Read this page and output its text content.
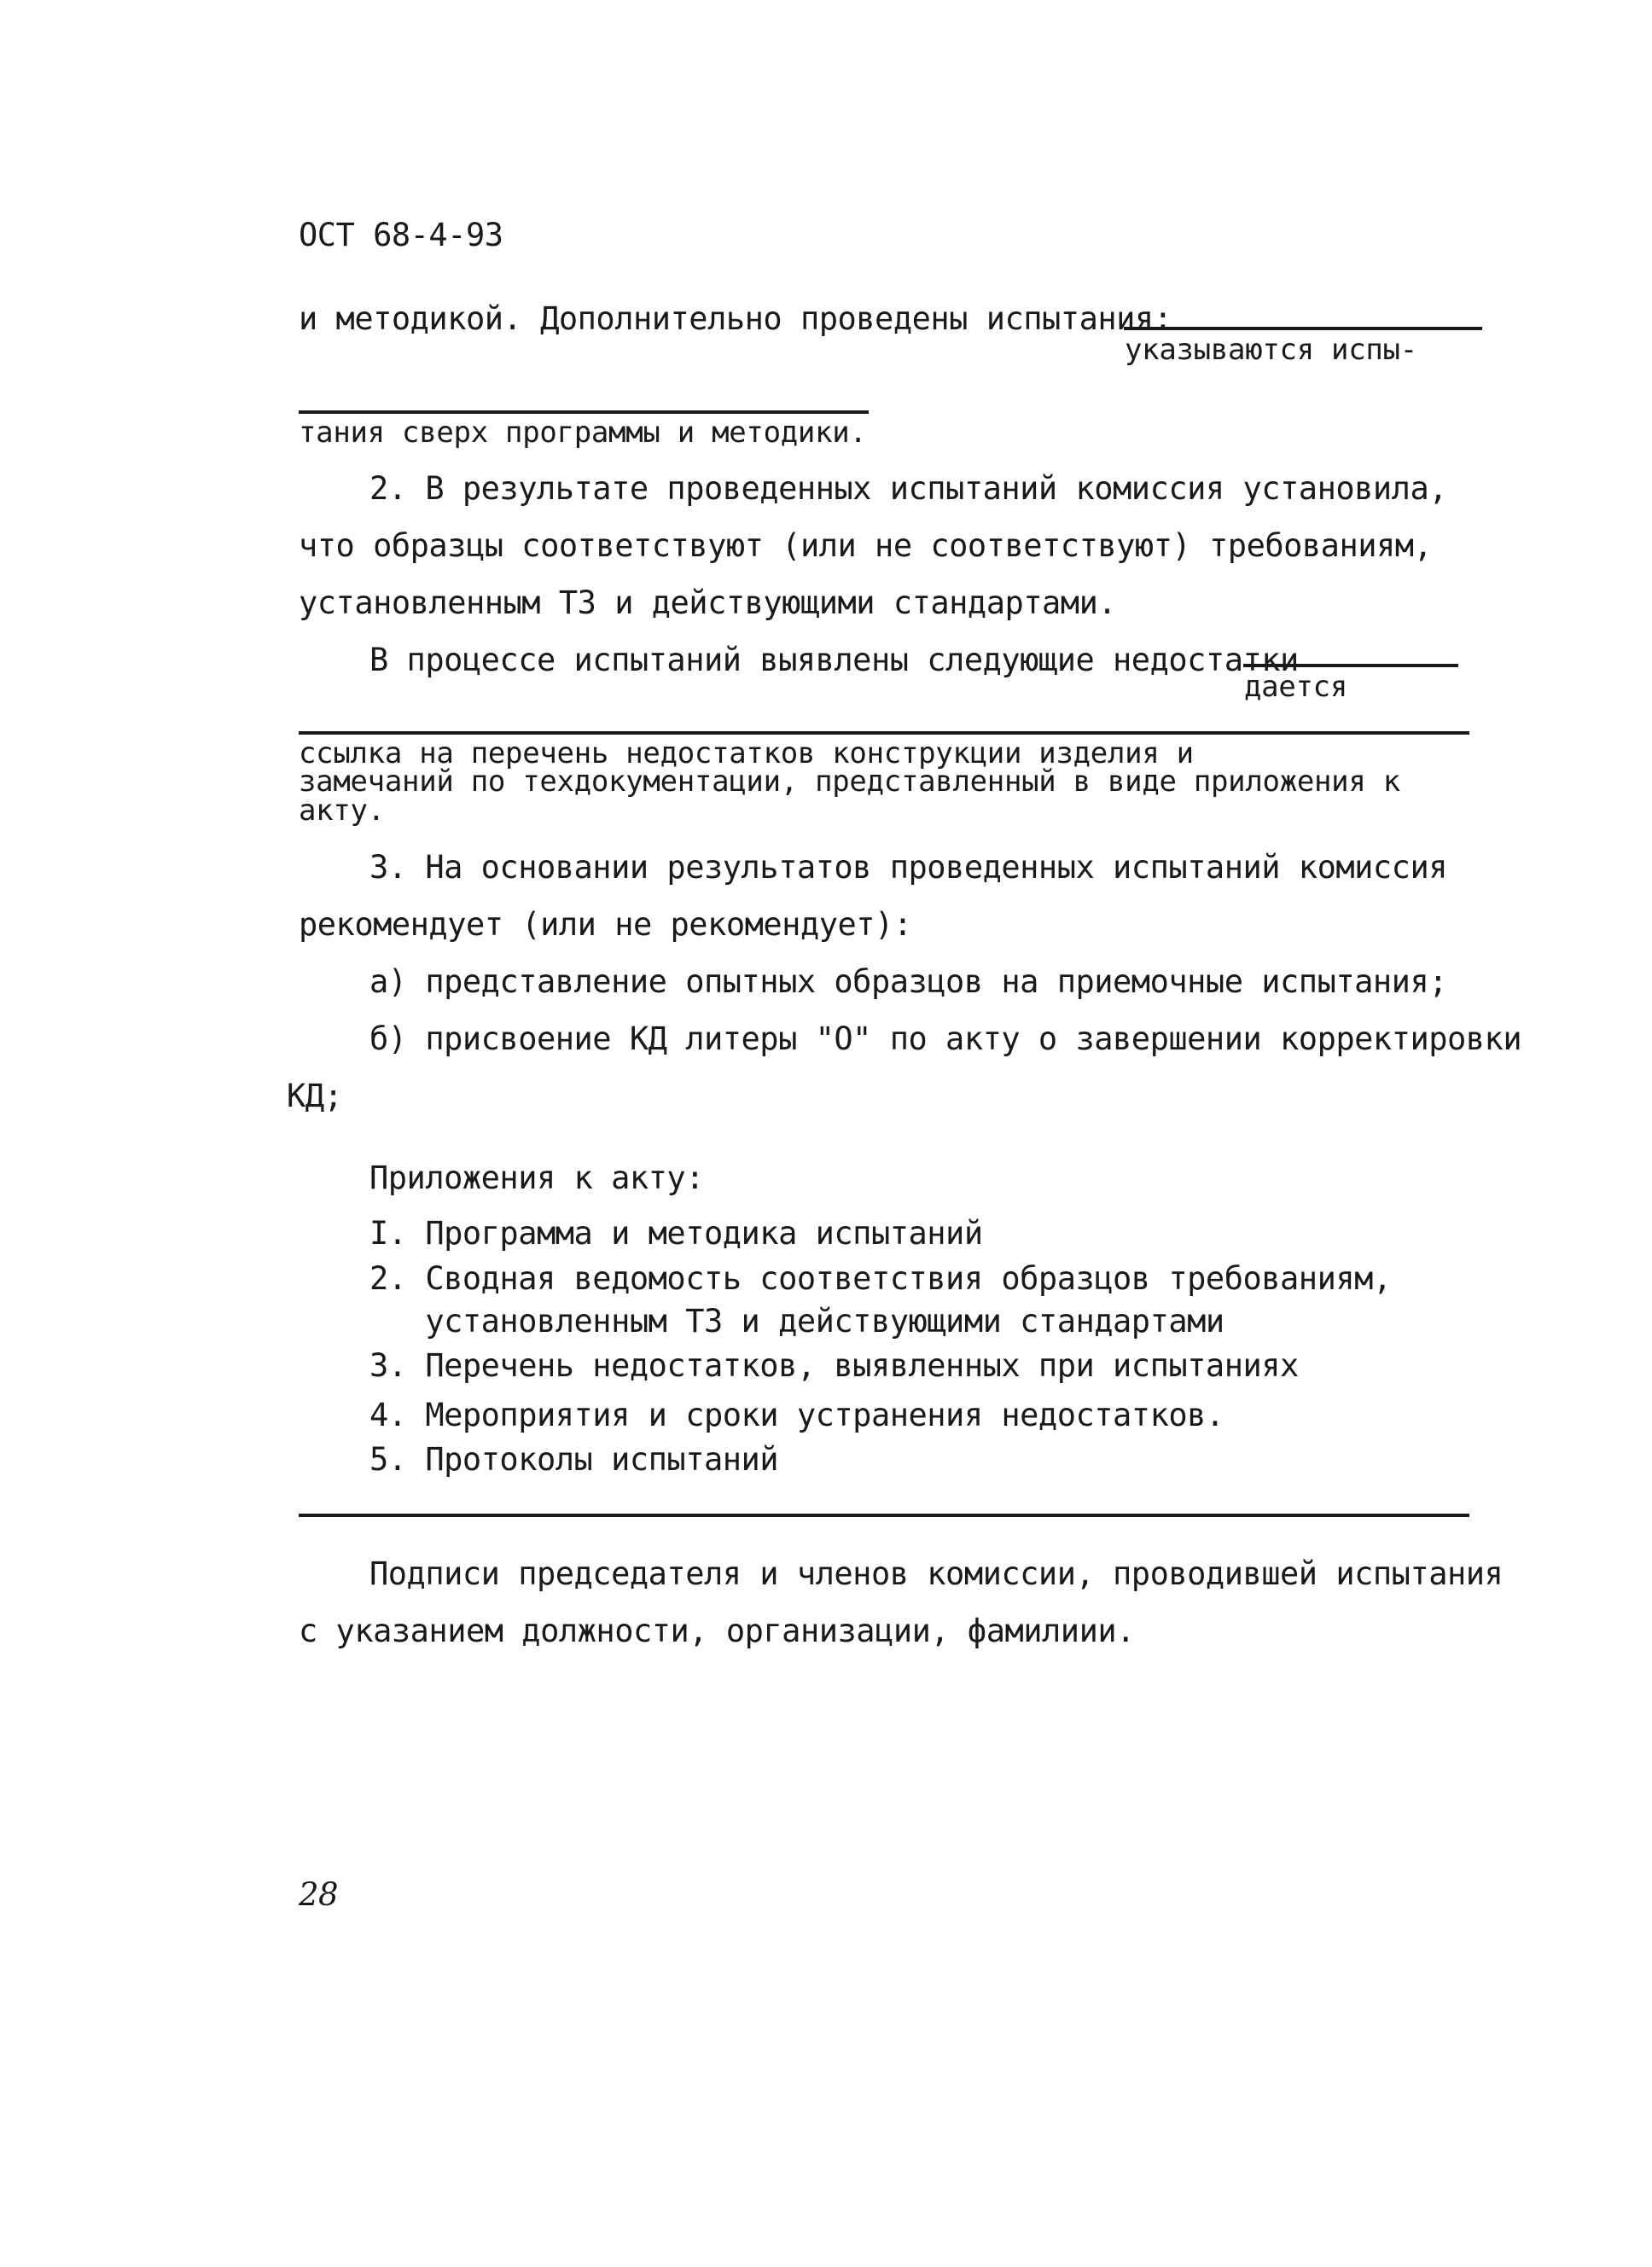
ОСТ 68-4-93
и методикой. Дополнительно проведены испытания:
указываются испы-
тания сверх программы и методики.
2. В результате проведенных испытаний комиссия установила,
что образцы соответствуют (или не соответствуют) требованиям,
установленным ТЗ и действующими стандартами.
В процессе испытаний выявлены следующие недостатки
дается
ссылка на перечень недостатков конструкции изделия и
замечаний по техдокументации, представленный в виде приложения к
акту.
3. На основании результатов проведенных испытаний комиссия
рекомендует (или не рекомендует):
а) представление опытных образцов на приемочные испытания;
б) присвоение КД литеры "О" по акту о завершении корректировки
КД;
Приложения к акту:
I. Программа и методика испытаний
2. Сводная ведомость соответствия образцов требованиям,
установленным ТЗ и действующими стандартами
3. Перечень недостатков, выявленных при испытаниях
4. Мероприятия и сроки устранения недостатков.
5. Протоколы испытаний
Подписи председателя и членов комиссии, проводившей испытания
с указанием должности, организации, фамилиии.
28
